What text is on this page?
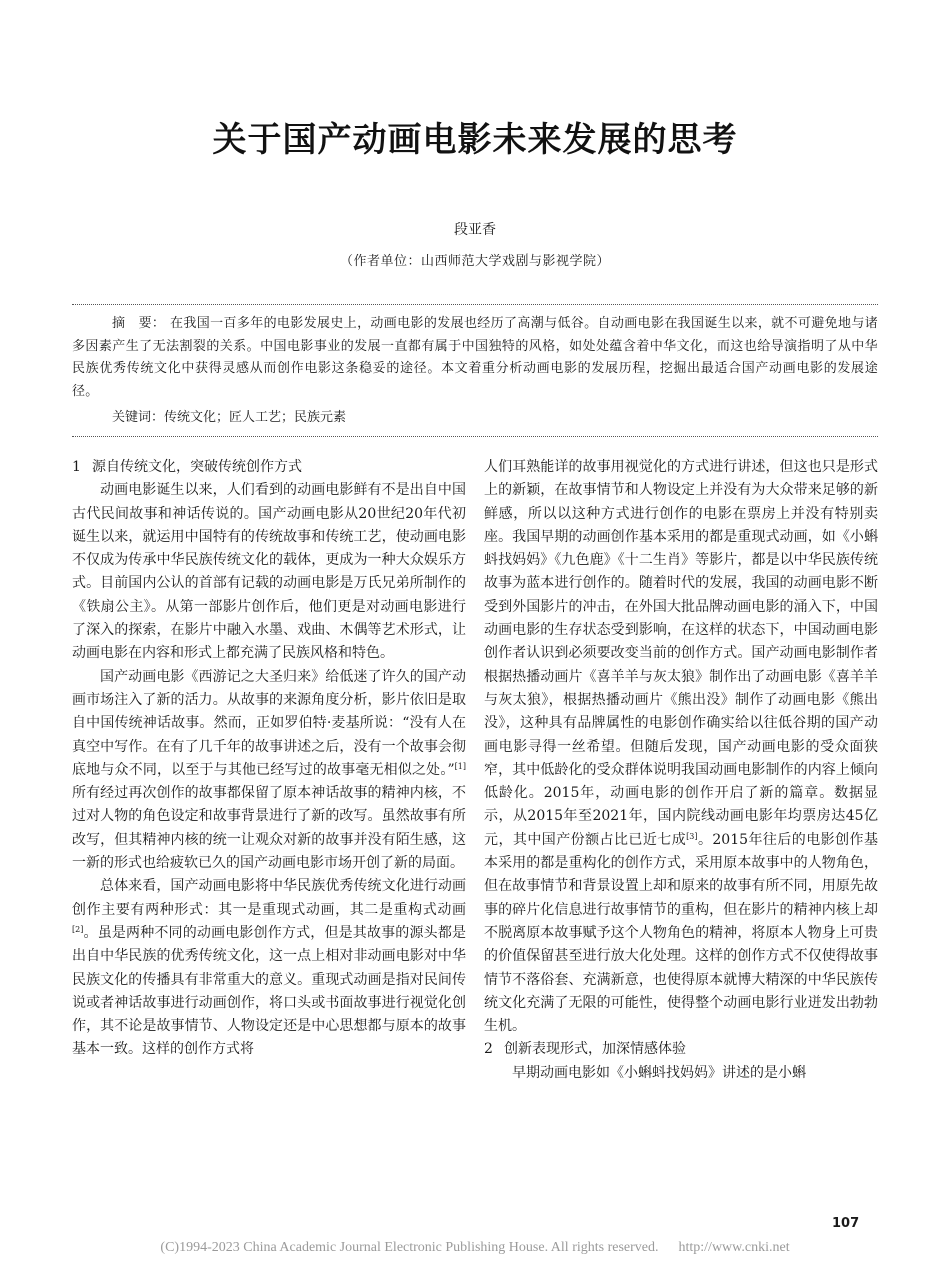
关于国产动画电影未来发展的思考
段亚香
（作者单位：山西师范大学戏剧与影视学院）

摘　要： 在我国一百多年的电影发展史上，动画电影的发展也经历了高潮与低谷。自动画电影在我国诞生以来，就不可避免地与诸多因素产生了无法割裂的关系。中国电影事业的发展一直都有属于中国独特的风格，如处处蕴含着中华文化，而这也给导演指明了从中华民族优秀传统文化中获得灵感从而创作电影这条稳妥的途径。本文着重分析动画电影的发展历程，挖掘出最适合国产动画电影的发展途径。

关键词：传统文化；匠人工艺；民族元素

1 源自传统文化，突破传统创作方式

动画电影诞生以来，人们看到的动画电影鲜有不是出自中国古代民间故事和神话传说的。国产动画电影从20世纪20年代初诞生以来，就运用中国特有的传统故事和传统工艺，使动画电影不仅成为传承中华民族传统文化的载体，更成为一种大众娱乐方式。目前国内公认的首部有记载的动画电影是万氏兄弟所制作的《铁扇公主》。从第一部影片创作后，他们更是对动画电影进行了深入的探索，在影片中融入水墨、戏曲、木偶等艺术形式，让动画电影在内容和形式上都充满了民族风格和特色。

国产动画电影《西游记之大圣归来》给低迷了许久的国产动画市场注入了新的活力。从故事的来源角度分析，影片依旧是取自中国传统神话故事。然而，正如罗伯特·麦基所说：“没有人在真空中写作。在有了几千年的故事讲述之后，没有一个故事会彻底地与众不同，以至于与其他已经写过的故事毫无相似之处。”[1]所有经过再次创作的故事都保留了原本神话故事的精神内核，不过对人物的角色设定和故事背景进行了新的改写。虽然故事有所改写，但其精神内核的统一让观众对新的故事并没有陌生感，这一新的形式也给疲软已久的国产动画电影市场开创了新的局面。

总体来看，国产动画电影将中华民族优秀传统文化进行动画创作主要有两种形式：其一是重现式动画，其二是重构式动画[2]。虽是两种不同的动画电影创作方式，但是其故事的源头都是出自中华民族的优秀传统文化，这一点上相对非动画电影对中华民族文化的传播具有非常重大的意义。重现式动画是指对民间传说或者神话故事进行动画创作，将口头或书面故事进行视觉化创作，其不论是故事情节、人物设定还是中心思想都与原本的故事基本一致。这样的创作方式将

人们耳熟能详的故事用视觉化的方式进行讲述，但这也只是形式上的新颖，在故事情节和人物设定上并没有为大众带来足够的新鲜感，所以以这种方式进行创作的电影在票房上并没有特别卖座。我国早期的动画创作基本采用的都是重现式动画，如《小蝌蚪找妈妈》《九色鹿》《十二生肖》等影片，都是以中华民族传统故事为蓝本进行创作的。随着时代的发展，我国的动画电影不断受到外国影片的冲击，在外国大批品牌动画电影的涌入下，中国动画电影的生存状态受到影响，在这样的状态下，中国动画电影创作者认识到必须要改变当前的创作方式。国产动画电影制作者根据热播动画片《喜羊羊与灰太狼》制作出了动画电影《喜羊羊与灰太狼》，根据热播动画片《熊出没》制作了动画电影《熊出没》，这种具有品牌属性的电影创作确实给以往低谷期的国产动画电影寻得一丝希望。但随后发现，国产动画电影的受众面狭窄，其中低龄化的受众群体说明我国动画电影制作的内容上倾向低龄化。2015年，动画电影的创作开启了新的篇章。数据显示，从2015年至2021年，国内院线动画电影年均票房达45亿元，其中国产份额占比已近七成[3]。2015年往后的电影创作基本采用的都是重构化的创作方式，采用原本故事中的人物角色，但在故事情节和背景设置上却和原来的故事有所不同，用原先故事的碎片化信息进行故事情节的重构，但在影片的精神内核上却不脱离原本故事赋予这个人物角色的精神，将原本人物身上可贵的价值保留甚至进行放大化处理。这样的创作方式不仅使得故事情节不落俗套、充满新意，也使得原本就博大精深的中华民族传统文化充满了无限的可能性，使得整个动画电影行业迸发出勃勃生机。

2 创新表现形式，加深情感体验

早期动画电影如《小蝌蚪找妈妈》讲述的是小蝌

107
(C)1994-2023 China Academic Journal Electronic Publishing House. All rights reserved. http://www.cnki.net
